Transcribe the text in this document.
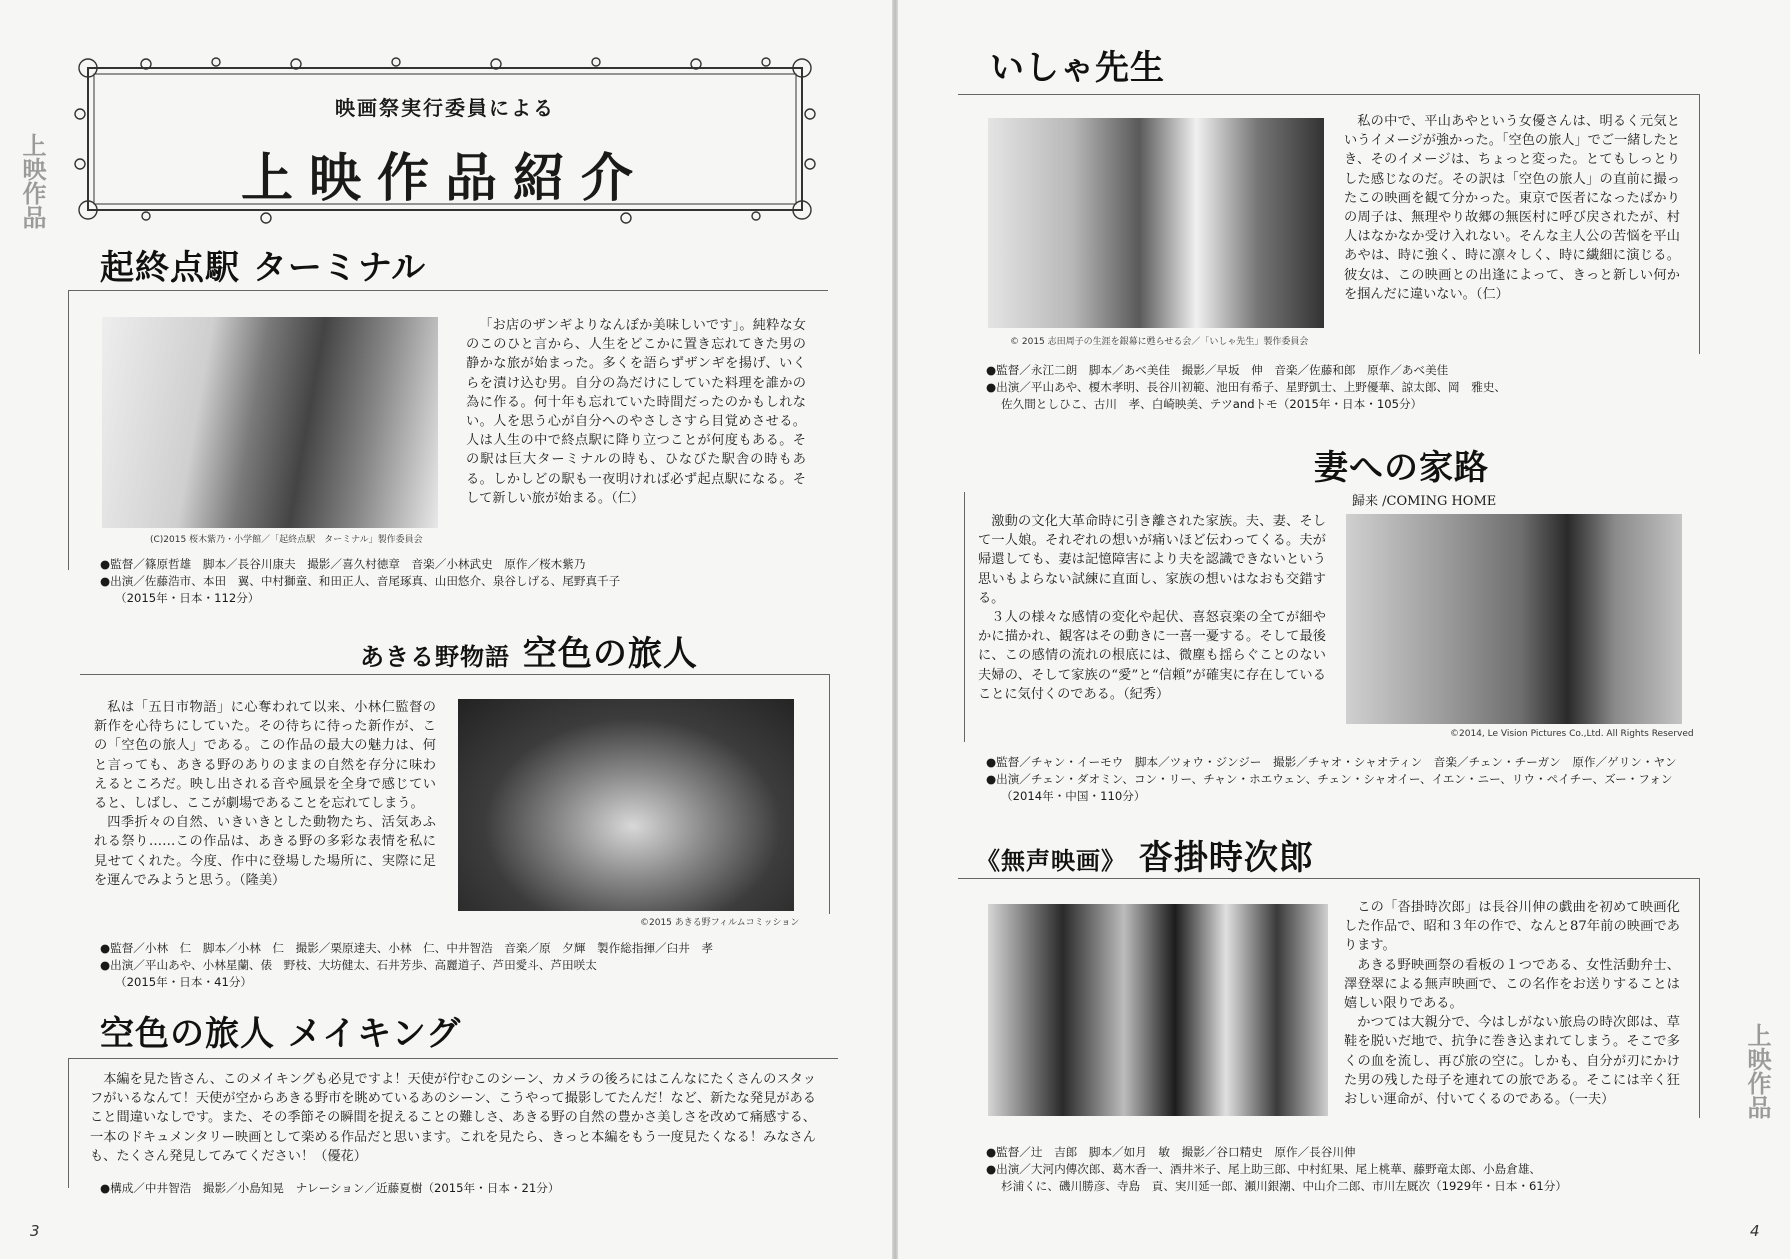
上映作品
上映作品
3	4
映画祭実行委員による
上映作品紹介
起終点駅 ターミナル
(C)2015 桜木紫乃・小学館／「起終点駅　ターミナル」製作委員会
「お店のザンギよりなんぼか美味しいです」。純粋な女のこのひと言から、人生をどこかに置き忘れてきた男の静かな旅が始まった。多くを語らずザンギを揚げ、いくらを漬け込む男。自分の為だけにしていた料理を誰かの為に作る。何十年も忘れていた時間だったのかもしれない。人を思う心が自分へのやさしさすら目覚めさせる。人は人生の中で終点駅に降り立つことが何度もある。その駅は巨大ターミナルの時も、ひなびた駅舎の時もある。しかしどの駅も一夜明ければ必ず起点駅になる。そして新しい旅が始まる。（仁）
●監督／篠原哲雄　脚本／長谷川康夫　撮影／喜久村徳章　音楽／小林武史　原作／桜木紫乃
●出演／佐藤浩市、本田　翼、中村獅童、和田正人、音尾琢真、山田悠介、泉谷しげる、尾野真千子
（2015年・日本・112分）
あきる野物語 空色の旅人
©2015 あきる野フィルムコミッション

私は「五日市物語」に心奪われて以来、小林仁監督の新作を心待ちにしていた。その待ちに待った新作が、この「空色の旅人」である。この作品の最大の魅力は、何と言っても、あきる野のありのままの自然を存分に味わえるところだ。映し出される音や風景を全身で感じていると、しばし、ここが劇場であることを忘れてしまう。

四季折々の自然、いきいきとした動物たち、活気あふれる祭り……この作品は、あきる野の多彩な表情を私に見せてくれた。今度、作中に登場した場所に、実際に足を運んでみようと思う。（隆美）

●監督／小林　仁　脚本／小林　仁　撮影／栗原達夫、小林　仁、中井智浩　音楽／原　夕輝　製作総指揮／臼井　孝
●出演／平山あや、小林星蘭、俵　野枝、大坊健太、石井芳歩、高麗道子、芦田愛斗、芦田咲太
（2015年・日本・41分）
空色の旅人 メイキング
本編を見た皆さん、このメイキングも必見ですよ！天使が佇むこのシーン、カメラの後ろにはこんなにたくさんのスタッフがいるなんて！天使が空からあきる野市を眺めているあのシーン、こうやって撮影してたんだ！など、新たな発見があること間違いなしです。また、その季節その瞬間を捉えることの難しさ、あきる野の自然の豊かさ美しさを改めて痛感する、一本のドキュメンタリー映画として楽める作品だと思います。これを見たら、きっと本編をもう一度見たくなる！みなさんも、たくさん発見してみてください！（優花）
●構成／中井智浩　撮影／小島知晃　ナレーション／近藤夏樹（2015年・日本・21分）
いしゃ先生
© 2015 志田周子の生涯を銀幕に甦らせる会／「いしゃ先生」製作委員会
私の中で、平山あやという女優さんは、明るく元気というイメージが強かった。「空色の旅人」でご一緒したとき、そのイメージは、ちょっと変った。とてもしっとりした感じなのだ。その訳は「空色の旅人」の直前に撮ったこの映画を観て分かった。東京で医者になったばかりの周子は、無理やり故郷の無医村に呼び戻されたが、村人はなかなか受け入れない。そんな主人公の苦悩を平山あやは、時に強く、時に凛々しく、時に繊細に演じる。彼女は、この映画との出逢によって、きっと新しい何かを掴んだに違いない。（仁）
●監督／永江二朗　脚本／あべ美佳　撮影／早坂　伸　音楽／佐藤和郎　原作／あべ美佳
●出演／平山あや、榎木孝明、長谷川初範、池田有希子、星野凱士、上野優華、諒太郎、岡　雅史、
佐久間としひこ、古川　孝、白崎映美、テツandトモ（2015年・日本・105分）
妻への家路
歸来 /COMING HOME
©2014, Le Vision Pictures Co.,Ltd. All Rights Reserved

激動の文化大革命時に引き離された家族。夫、妻、そして一人娘。それぞれの想いが痛いほど伝わってくる。夫が帰還しても、妻は記憶障害により夫を認識できないという思いもよらない試練に直面し、家族の想いはなおも交錯する。

３人の様々な感情の変化や起伏、喜怒哀楽の全てが細やかに描かれ、観客はその動きに一喜一憂する。そして最後に、この感情の流れの根底には、微塵も揺らぐことのない夫婦の、そして家族の“愛”と“信頼”が確実に存在していることに気付くのである。（紀秀）

●監督／チャン・イーモウ　脚本／ツォウ・ジンジー　撮影／チャオ・シャオティン　音楽／チェン・チーガン　原作／ゲリン・ヤン
●出演／チェン・ダオミン、コン・リー、チャン・ホエウェン、チェン・シャオイー、イエン・ニー、リウ・ペイチー、ズー・フォン
（2014年・中国・110分）
《無声映画》 沓掛時次郎

この「沓掛時次郎」は長谷川伸の戯曲を初めて映画化した作品で、昭和３年の作で、なんと87年前の映画であります。

あきる野映画祭の看板の１つである、女性活動弁士、澤登翠による無声映画で、この名作をお送りすることは嬉しい限りである。

かつては大親分で、今はしがない旅烏の時次郎は、草鞋を脱いだ地で、抗争に巻き込まれてしまう。そこで多くの血を流し、再び旅の空に。しかも、自分が刃にかけた男の残した母子を連れての旅である。そこには辛く狂おしい運命が、付いてくるのである。（一夫）

●監督／辻　吉郎　脚本／如月　敏　撮影／谷口精史　原作／長谷川伸
●出演／大河内傳次郎、葛木香一、酒井米子、尾上助三郎、中村紅果、尾上桃華、藤野竜太郎、小島倉雄、
杉浦くに、磯川勝彦、寺島　貢、実川延一郎、瀬川銀潮、中山介二郎、市川左厩次（1929年・日本・61分）
